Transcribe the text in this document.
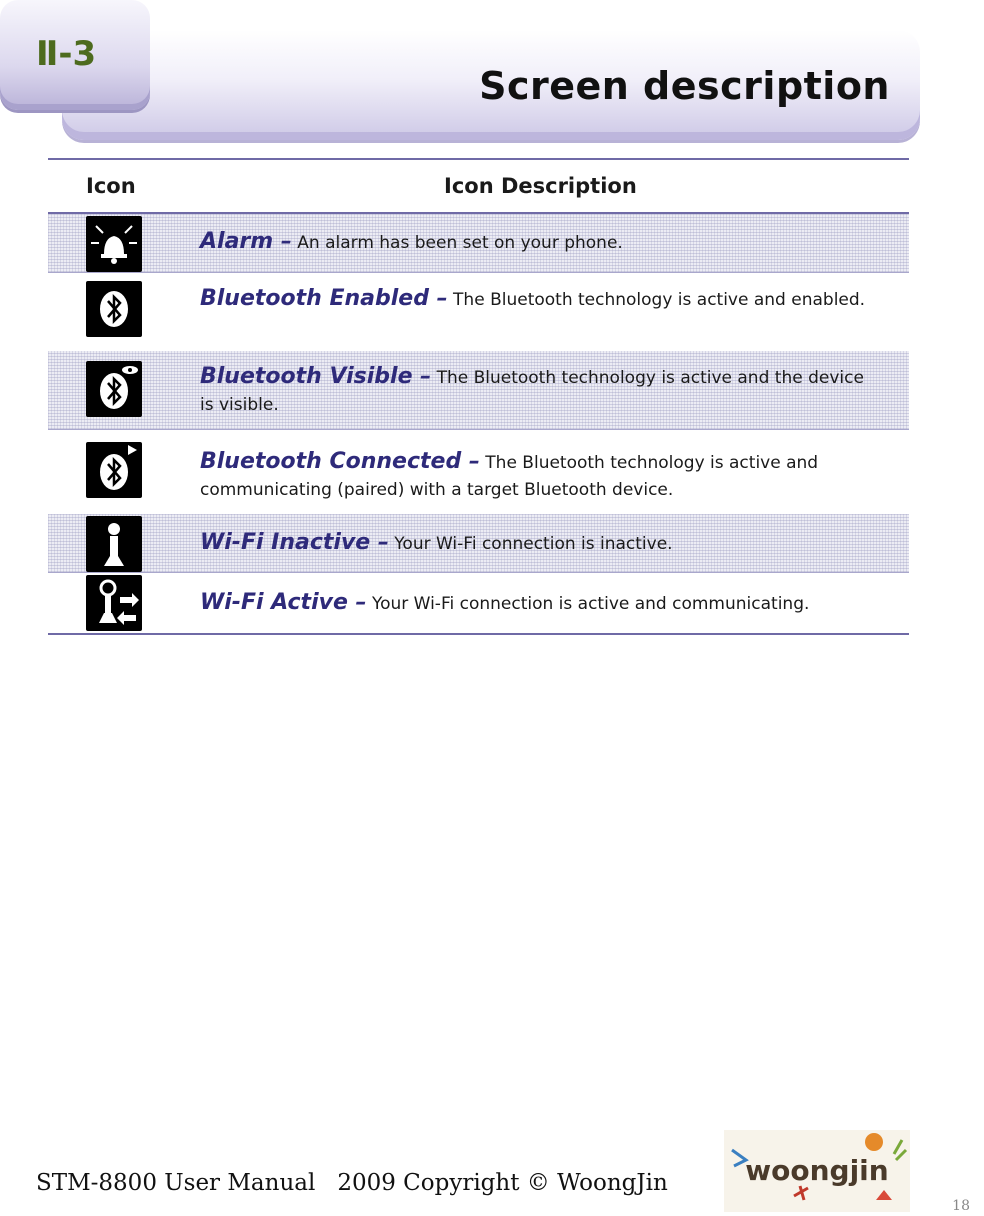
Screen description
Ⅱ-3
Icon	Icon Description
Alarm – An alarm has been set on your phone.
Bluetooth Enabled – The Bluetooth technology is active and enabled.
Bluetooth Visible – The Bluetooth technology is active and the device is visible.
Bluetooth Connected – The Bluetooth technology is active and communicating (paired) with a target Bluetooth device.
Wi-Fi Inactive – Your Wi-Fi connection is inactive.
Wi-Fi Active – Your Wi-Fi connection is active and communicating.
STM-8800 User Manual 2009 Copyright © WoongJin	woongjin
18
